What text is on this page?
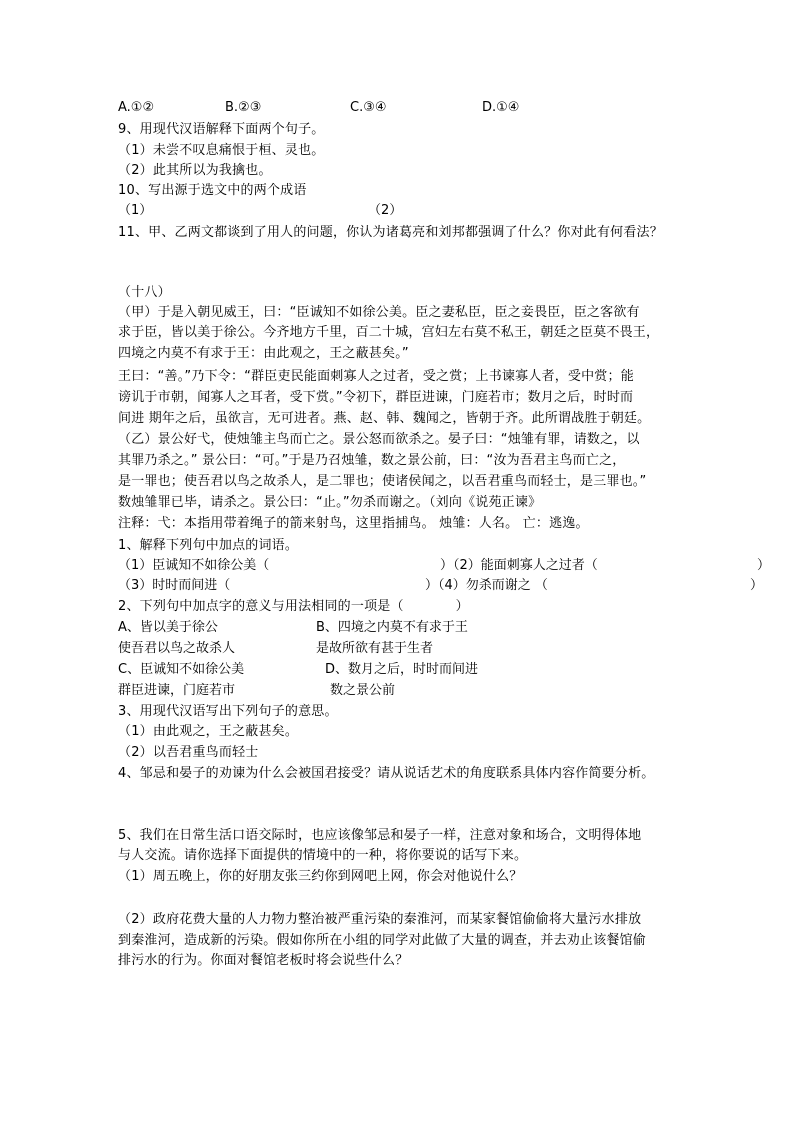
A.①②	B.②③	C.③④	D.①④
9、用现代汉语解释下面两个句子。
（1）未尝不叹息痛恨于桓、灵也。
（2）此其所以为我擒也。
10、写出源于选文中的两个成语
（1）	（2）
11、甲、乙两文都谈到了用人的问题，你认为诸葛亮和刘邦都强调了什么？你对此有何看法？
（十八）
（甲）于是入朝见威王，曰：“臣诚知不如徐公美。臣之妻私臣，臣之妾畏臣，臣之客欲有
求于臣，皆以美于徐公。今齐地方千里，百二十城，宫妇左右莫不私王，朝廷之臣莫不畏王，
四境之内莫不有求于王：由此观之，王之蔽甚矣。”
王曰：“善。”乃下令：“群臣吏民能面刺寡人之过者，受之赏；上书谏寡人者，受中赏；能
谤讥于市朝，闻寡人之耳者，受下赏。”令初下，群臣进谏，门庭若市；数月之后，时时而
间进 期年之后，虽欲言，无可进者。燕、赵、韩、魏闻之，皆朝于齐。此所谓战胜于朝廷。
（乙）景公好弋，使烛雏主鸟而亡之。景公怒而欲杀之。晏子曰：“烛雏有罪，请数之，以
其罪乃杀之。” 景公曰：“可。”于是乃召烛雏，数之景公前，曰：“汝为吾君主鸟而亡之，
是一罪也；使吾君以鸟之故杀人，是二罪也；使诸侯闻之，以吾君重鸟而轻士，是三罪也。”
数烛雏罪已毕，请杀之。景公曰：“止。”勿杀而谢之。（刘向《说苑正谏》
注释：弋：本指用带着绳子的箭来射鸟，这里指捕鸟。 烛雏：人名。 亡：逃逸。
1、解释下列句中加点的词语。
（1）臣诚知不如徐公美（	）（2）能面刺寡人之过者（	）
（3）时时而间进（	）（4）勿杀而谢之 （	）
2、下列句中加点字的意义与用法相同的一项是（            ）
A、皆以美于徐公	B、四境之内莫不有求于王
使吾君以鸟之故杀人	是故所欲有甚于生者
C、臣诚知不如徐公美	D、数月之后，时时而间进
群臣进谏，门庭若市	数之景公前
3、用现代汉语写出下列句子的意思。
（1）由此观之，王之蔽甚矣。
（2）以吾君重鸟而轻士
4、邹忌和晏子的劝谏为什么会被国君接受？请从说话艺术的角度联系具体内容作简要分析。
5、我们在日常生活口语交际时，也应该像邹忌和晏子一样，注意对象和场合，文明得体地
与人交流。请你选择下面提供的情境中的一种，将你要说的话写下来。
（1）周五晚上，你的好朋友张三约你到网吧上网，你会对他说什么？
（2）政府花费大量的人力物力整治被严重污染的秦淮河，而某家餐馆偷偷将大量污水排放
到秦淮河，造成新的污染。假如你所在小组的同学对此做了大量的调查，并去劝止该餐馆偷
排污水的行为。你面对餐馆老板时将会说些什么？
